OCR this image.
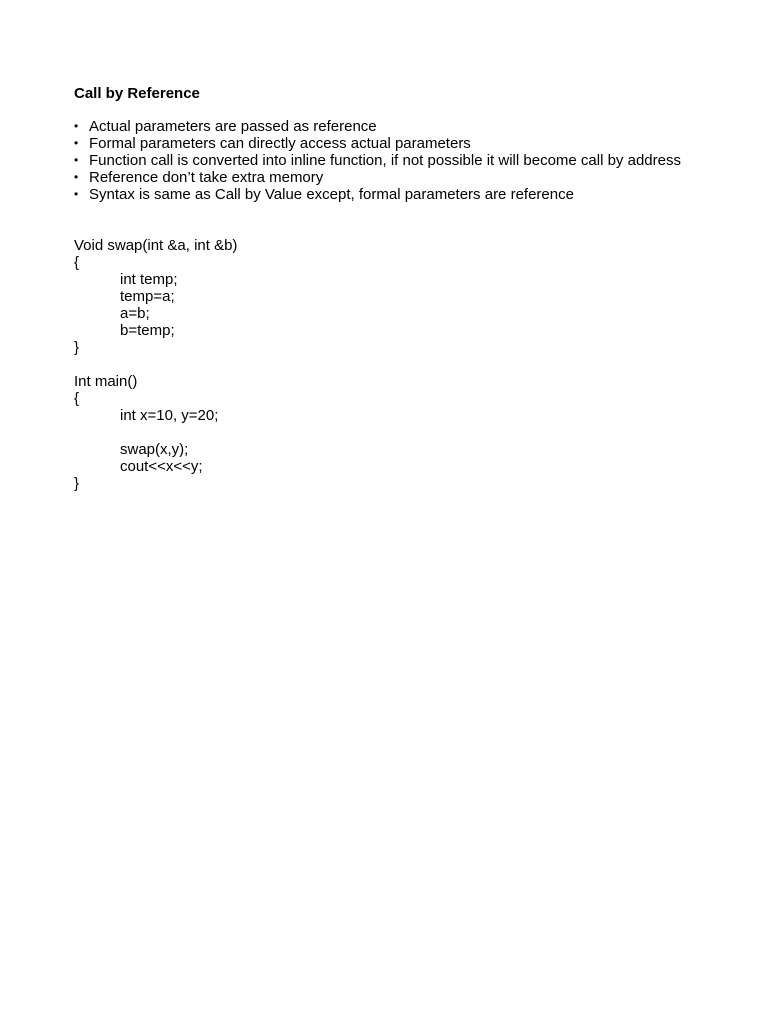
Call by Reference
• Actual parameters are passed as reference
• Formal parameters can directly access actual parameters
• Function call is converted into inline function, if not possible it will become call by address
• Reference don’t take extra memory
• Syntax is same as Call by Value except, formal parameters are reference
Void swap(int &a, int &b)
{
int temp;
temp=a;
a=b;
b=temp;
}
Int main()
{
int x=10, y=20;
swap(x,y);
cout<<x<<y;
}
